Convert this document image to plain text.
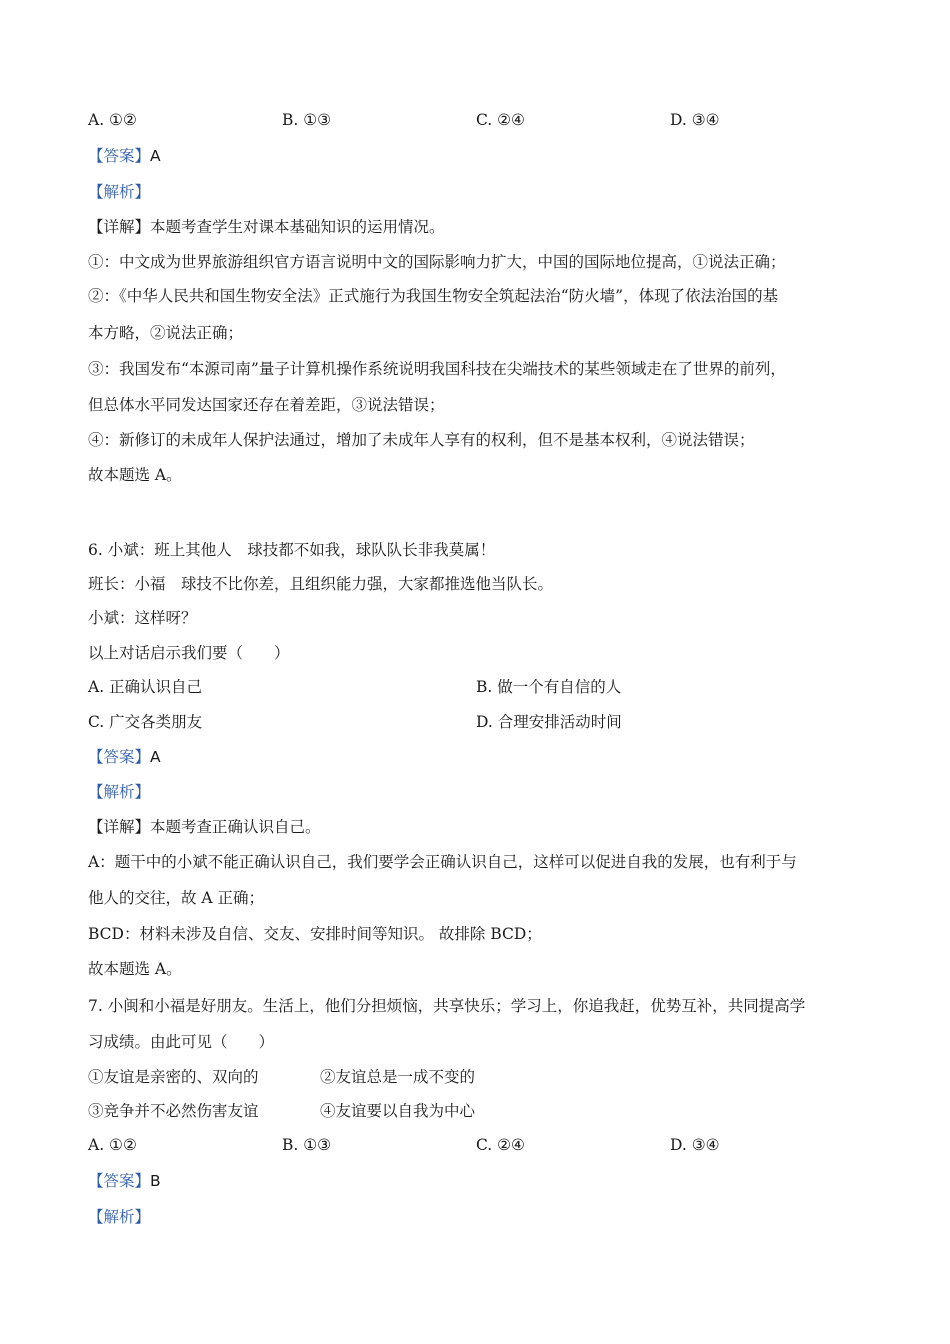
A. ①②	B. ①③	C. ②④	D. ③④
【答案】A
【解析】
【详解】本题考查学生对课本基础知识的运用情况。
①：中文成为世界旅游组织官方语言说明中文的国际影响力扩大，中国的国际地位提高，①说法正确；
②：《中华人民共和国生物安全法》正式施行为我国生物安全筑起法治“防火墙”，体现了依法治国的基
本方略，②说法正确；
③：我国发布“本源司南”量子计算机操作系统说明我国科技在尖端技术的某些领域走在了世界的前列，
但总体水平同发达国家还存在着差距，③说法错误；
④：新修订的未成年人保护法通过，增加了未成年人享有的权利，但不是基本权利，④说法错误；
故本题选 A。
6. 小斌：班上其他人　球技都不如我，球队队长非我莫属！
班长：小福　球技不比你差，且组织能力强，大家都推选他当队长。
小斌：这样呀？
以上对话启示我们要（　　）
A. 正确认识自己	B. 做一个有自信的人
C. 广交各类朋友	D. 合理安排活动时间
【答案】A
【解析】
【详解】本题考查正确认识自己。
A：题干中的小斌不能正确认识自己，我们要学会正确认识自己，这样可以促进自我的发展，也有利于与
他人的交往，故 A 正确；
BCD：材料未涉及自信、交友、安排时间等知识。 故排除 BCD；
故本题选 A。
7. 小闽和小福是好朋友。生活上，他们分担烦恼，共享快乐；学习上，你追我赶，优势互补，共同提高学
习成绩。由此可见（　　）
①友谊是亲密的、双向的	②友谊总是一成不变的
③竞争并不必然伤害友谊	④友谊要以自我为中心
A. ①②	B. ①③	C. ②④	D. ③④
【答案】B
【解析】
